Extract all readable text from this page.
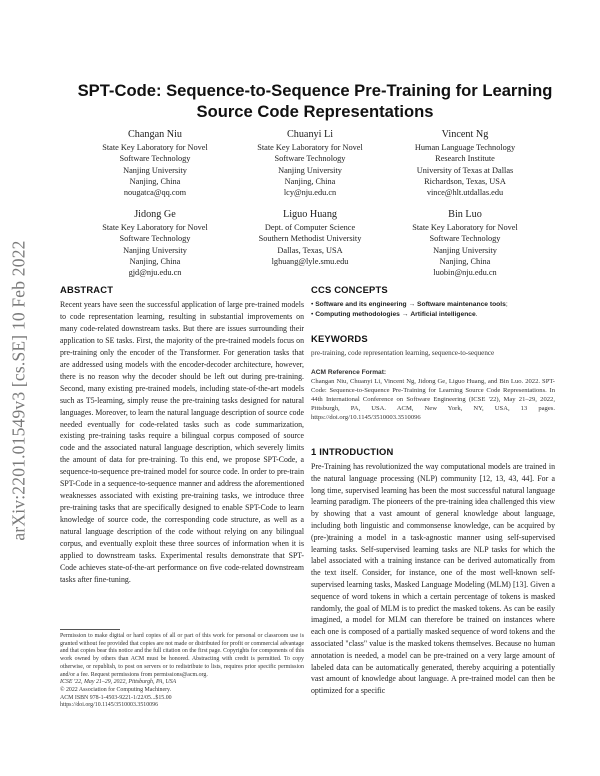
arXiv:2201.01549v3 [cs.SE] 10 Feb 2022
SPT-Code: Sequence-to-Sequence Pre-Training for Learning Source Code Representations
Changan Niu
State Key Laboratory for Novel
Software Technology
Nanjing University
Nanjing, China
nougatca@qq.com
Chuanyi Li
State Key Laboratory for Novel
Software Technology
Nanjing University
Nanjing, China
lcy@nju.edu.cn
Vincent Ng
Human Language Technology
Research Institute
University of Texas at Dallas
Richardson, Texas, USA
vince@hlt.utdallas.edu
Jidong Ge
State Key Laboratory for Novel
Software Technology
Nanjing University
Nanjing, China
gjd@nju.edu.cn
Liguo Huang
Dept. of Computer Science
Southern Methodist University
Dallas, Texas, USA
lghuang@lyle.smu.edu
Bin Luo
State Key Laboratory for Novel
Software Technology
Nanjing University
Nanjing, China
luobin@nju.edu.cn
ABSTRACT
Recent years have seen the successful application of large pre-trained models to code representation learning, resulting in substantial improvements on many code-related downstream tasks. But there are issues surrounding their application to SE tasks. First, the majority of the pre-trained models focus on pre-training only the encoder of the Transformer. For generation tasks that are addressed using models with the encoder-decoder architecture, however, there is no reason why the decoder should be left out during pre-training. Second, many existing pre-trained models, including state-of-the-art models such as T5-learning, simply reuse the pre-training tasks designed for natural languages. Moreover, to learn the natural language description of source code needed eventually for code-related tasks such as code summarization, existing pre-training tasks require a bilingual corpus composed of source code and the associated natural language description, which severely limits the amount of data for pre-training. To this end, we propose SPT-Code, a sequence-to-sequence pre-trained model for source code. In order to pre-train SPT-Code in a sequence-to-sequence manner and address the aforementioned weaknesses associated with existing pre-training tasks, we introduce three pre-training tasks that are specifically designed to enable SPT-Code to learn knowledge of source code, the corresponding code structure, as well as a natural language description of the code without relying on any bilingual corpus, and eventually exploit these three sources of information when it is applied to downstream tasks. Experimental results demonstrate that SPT-Code achieves state-of-the-art performance on five code-related downstream tasks after fine-tuning.
Permission to make digital or hard copies of all or part of this work for personal or classroom use is granted without fee provided that copies are not made or distributed for profit or commercial advantage and that copies bear this notice and the full citation on the first page. Copyrights for components of this work owned by others than ACM must be honored. Abstracting with credit is permitted. To copy otherwise, or republish, to post on servers or to redistribute to lists, requires prior specific permission and/or a fee. Request permissions from permissions@acm.org.
ICSE '22, May 21–29, 2022, Pittsburgh, PA, USA
© 2022 Association for Computing Machinery.
ACM ISBN 978-1-4503-9221-1/22/05...$15.00
https://doi.org/10.1145/3510003.3510096
CCS CONCEPTS
• Software and its engineering → Software maintenance tools;
• Computing methodologies → Artificial intelligence.
KEYWORDS
pre-training, code representation learning, sequence-to-sequence
ACM Reference Format:
Changan Niu, Chuanyi Li, Vincent Ng, Jidong Ge, Liguo Huang, and Bin Luo. 2022. SPT-Code: Sequence-to-Sequence Pre-Training for Learning Source Code Representations. In 44th International Conference on Software Engineering (ICSE '22), May 21–29, 2022, Pittsburgh, PA, USA. ACM, New York, NY, USA, 13 pages. https://doi.org/10.1145/3510003.3510096
1 INTRODUCTION
Pre-Training has revolutionized the way computational models are trained in the natural language processing (NLP) community [12, 13, 43, 44]. For a long time, supervised learning has been the most successful natural language learning paradigm. The pioneers of the pre-training idea challenged this view by showing that a vast amount of general knowledge about language, including both linguistic and commonsense knowledge, can be acquired by (pre-)training a model in a task-agnostic manner using self-supervised learning tasks. Self-supervised learning tasks are NLP tasks for which the label associated with a training instance can be derived automatically from the text itself. Consider, for instance, one of the most well-known self-supervised learning tasks, Masked Language Modeling (MLM) [13]. Given a sequence of word tokens in which a certain percentage of tokens is masked randomly, the goal of MLM is to predict the masked tokens. As can be easily imagined, a model for MLM can therefore be trained on instances where each one is composed of a partially masked sequence of word tokens and the associated "class" value is the masked tokens themselves. Because no human annotation is needed, a model can be pre-trained on a very large amount of labeled data can be automatically generated, thereby acquiring a potentially vast amount of knowledge about language. A pre-trained model can then be optimized for a specific
